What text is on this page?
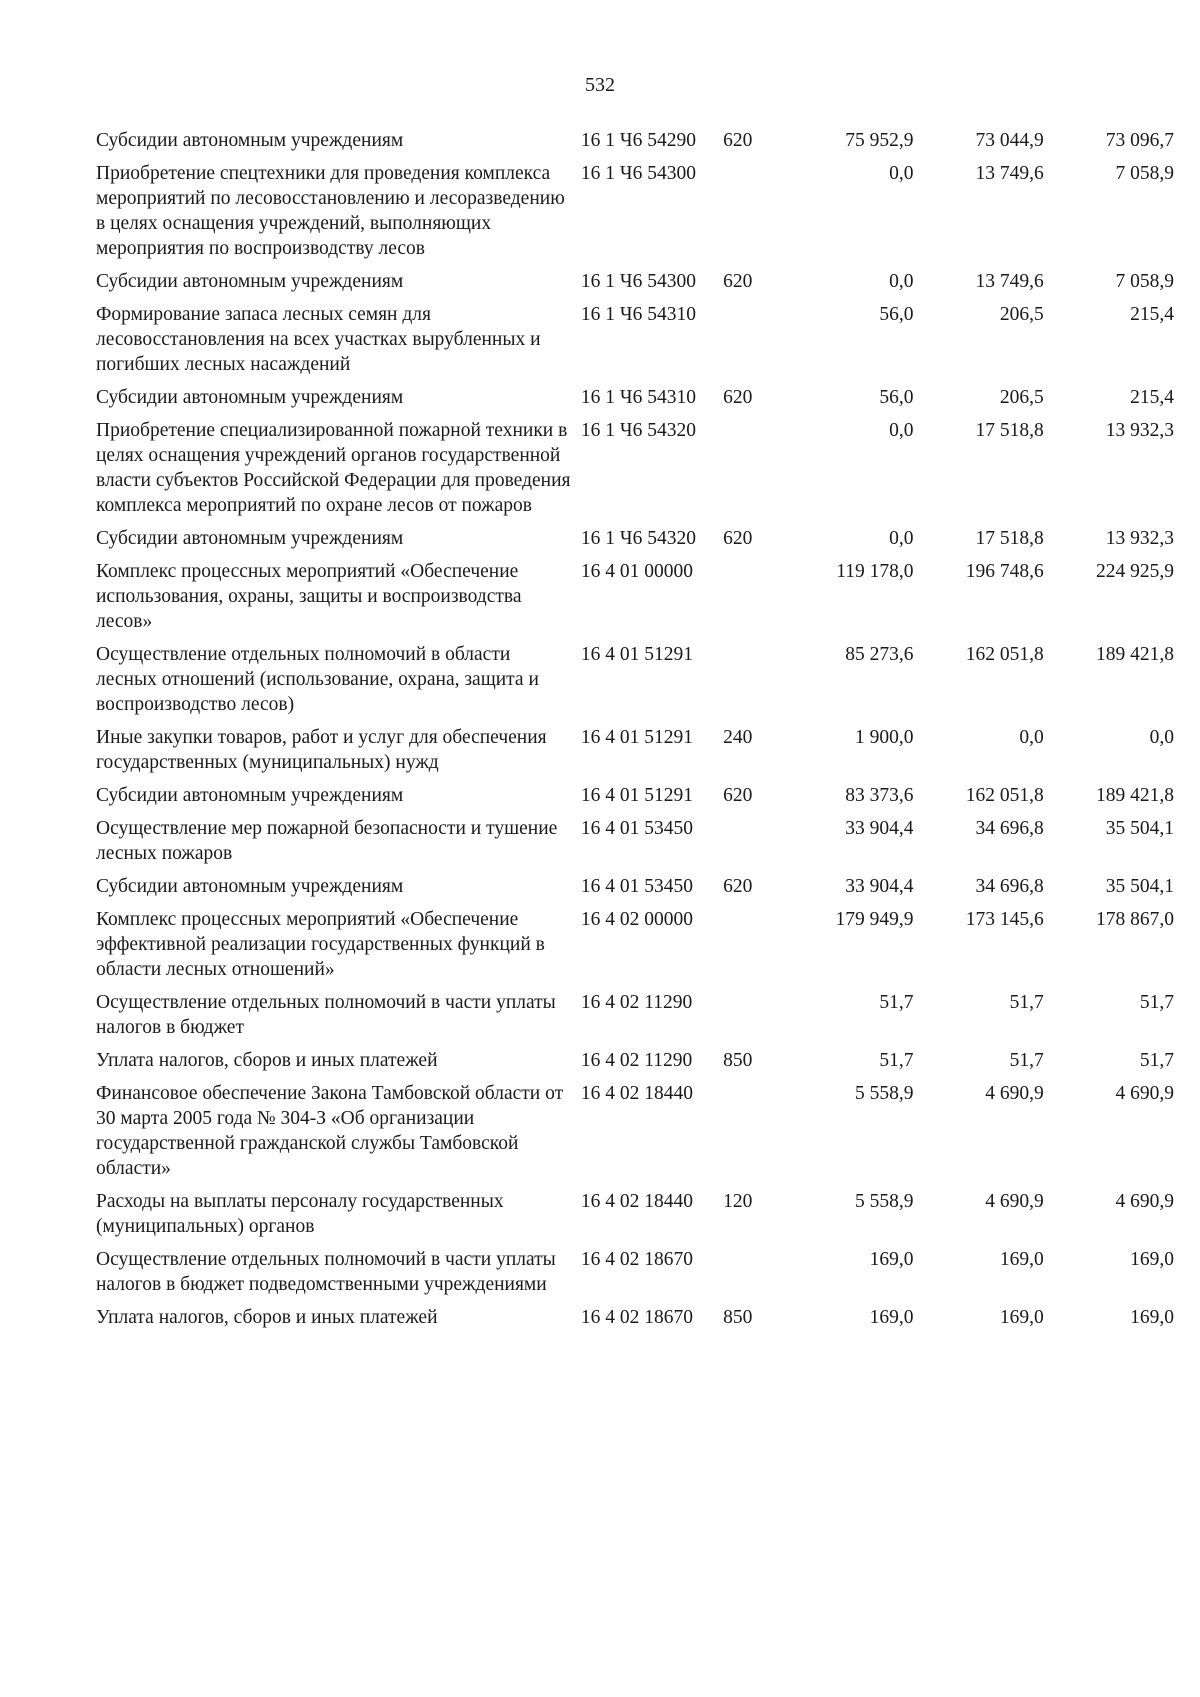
532
Субсидии автономным учреждениям	16 1 Ч6 54290	620	75 952,9	73 044,9	73 096,7
Приобретение спецтехники для проведения комплекса мероприятий по лесовосстановлению и лесоразведению в целях оснащения учреждений, выполняющих мероприятия по воспроизводству лесов	16 1 Ч6 54300		0,0	13 749,6	7 058,9
Субсидии автономным учреждениям	16 1 Ч6 54300	620	0,0	13 749,6	7 058,9
Формирование запаса лесных семян для лесовосстановления на всех участках вырубленных и погибших лесных насаждений	16 1 Ч6 54310		56,0	206,5	215,4
Субсидии автономным учреждениям	16 1 Ч6 54310	620	56,0	206,5	215,4
Приобретение специализированной пожарной техники в целях оснащения учреждений органов государственной власти субъектов Российской Федерации для проведения комплекса мероприятий по охране лесов от пожаров	16 1 Ч6 54320		0,0	17 518,8	13 932,3
Субсидии автономным учреждениям	16 1 Ч6 54320	620	0,0	17 518,8	13 932,3
Комплекс процессных мероприятий «Обеспечение использования, охраны, защиты и воспроизводства лесов»	16 4 01 00000		119 178,0	196 748,6	224 925,9
Осуществление отдельных полномочий в области лесных отношений (использование, охрана, защита и воспроизводство лесов)	16 4 01 51291		85 273,6	162 051,8	189 421,8
Иные закупки товаров, работ и услуг для обеспечения государственных (муниципальных) нужд	16 4 01 51291	240	1 900,0	0,0	0,0
Субсидии автономным учреждениям	16 4 01 51291	620	83 373,6	162 051,8	189 421,8
Осуществление мер пожарной безопасности и тушение лесных пожаров	16 4 01 53450		33 904,4	34 696,8	35 504,1
Субсидии автономным учреждениям	16 4 01 53450	620	33 904,4	34 696,8	35 504,1
Комплекс процессных мероприятий «Обеспечение эффективной реализации государственных функций в области лесных отношений»	16 4 02 00000		179 949,9	173 145,6	178 867,0
Осуществление отдельных полномочий в части уплаты налогов в бюджет	16 4 02 11290		51,7	51,7	51,7
Уплата налогов, сборов и иных платежей	16 4 02 11290	850	51,7	51,7	51,7
Финансовое обеспечение Закона Тамбовской области от 30 марта 2005 года № 304-З «Об организации государственной гражданской службы Тамбовской области»	16 4 02 18440		5 558,9	4 690,9	4 690,9
Расходы на выплаты персоналу государственных (муниципальных) органов	16 4 02 18440	120	5 558,9	4 690,9	4 690,9
Осуществление отдельных полномочий в части уплаты налогов в бюджет подведомственными учреждениями	16 4 02 18670		169,0	169,0	169,0
Уплата налогов, сборов и иных платежей	16 4 02 18670	850	169,0	169,0	169,0
